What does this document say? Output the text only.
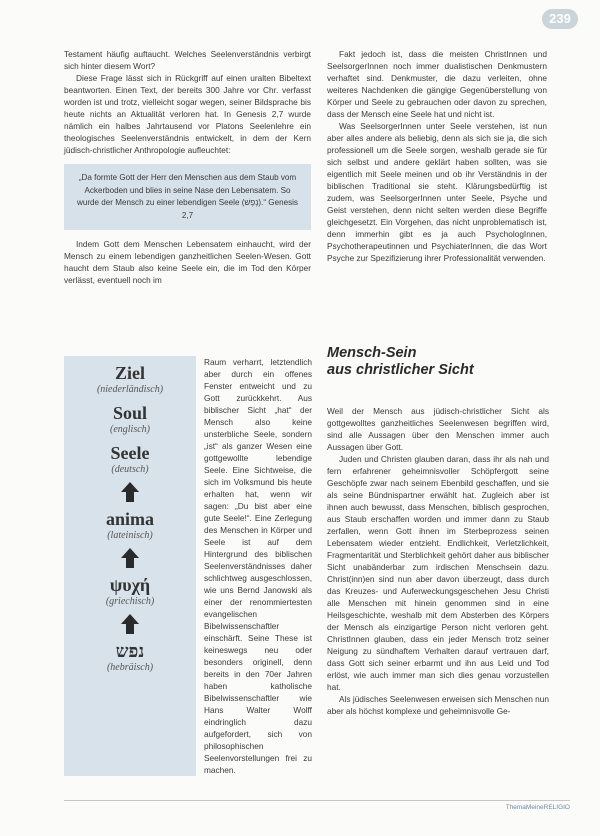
239

Testament häufig auftaucht. Welches Seelenverständnis verbirgt sich hinter diesem Wort?

Diese Frage lässt sich in Rückgriff auf einen uralten Bibeltext beantworten. Einen Text, der bereits 300 Jahre vor Chr. verfasst worden ist und trotz, vielleicht sogar wegen, seiner Bildsprache bis heute nichts an Aktualität verloren hat. In Genesis 2,7 wurde nämlich ein halbes Jahrtausend vor Platons Seelenlehre ein theologisches Seelenverständnis entwickelt, in dem der Kern jüdisch-christlicher Anthropologie aufleuchtet:

„Da formte Gott der Herr den Menschen aus dem Staub vom Ackerboden und blies in seine Nase den Lebensatem. So wurde der Mensch zu einer lebendigen Seele (נֶפֶשׁ).“ Genesis 2,7

Indem Gott dem Menschen Lebensatem einhaucht, wird der Mensch zu einem lebendigen ganzheitlichen Seelen-Wesen. Gott haucht dem Staub also keine Seele ein, die im Tod den Körper verlässt, eventuell noch im

Ziel
(niederländisch)
Soul
(englisch)
Seele
(deutsch)
anima
(lateinisch)
ψυχή
(griechisch)
נפש
(hebräisch)

Raum verharrt, letztendlich aber durch ein offenes Fenster entweicht und zu Gott zurückkehrt. Aus biblischer Sicht „hat“ der Mensch also keine unsterbliche Seele, sondern „ist“ als ganzer Wesen eine gottgewollte lebendige Seele. Eine Sichtweise, die sich im Volksmund bis heute erhalten hat, wenn wir sagen: „Du bist aber eine gute Seele!“. Eine Zerlegung des Menschen in Körper und Seele ist auf dem Hintergrund des biblischen Seelenverständnisses daher schlichtweg ausgeschlossen, wie uns Bernd Janowski als einer der renommiertesten evangelischen Bibelwissenschaftler einschärft. Seine These ist keineswegs neu oder besonders originell, denn bereits in den 70er Jahren haben katholische Bibelwissenschaftler wie Hans Walter Wolff eindringlich dazu aufgefordert, sich von philosophischen Seelenvorstellungen frei zu machen.

Fakt jedoch ist, dass die meisten ChristInnen und SeelsorgerInnen noch immer dualistischen Denkmustern verhaftet sind. Denkmuster, die dazu verleiten, ohne weiteres Nachdenken die gängige Gegenüberstellung von Körper und Seele zu gebrauchen oder davon zu sprechen, dass der Mensch eine Seele hat und nicht ist.

Was SeelsorgerInnen unter Seele verstehen, ist nun aber alles andere als beliebig, denn als sich sie ja, die sich professionell um die Seele sorgen, weshalb gerade sie für sich selbst und andere geklärt haben sollten, was sie eigentlich mit Seele meinen und ob ihr Verständnis in der biblischen Traditional sie steht. Klärungsbedürftig ist zudem, was SeelsorgerInnen unter Seele, Psyche und Geist verstehen, denn nicht selten werden diese Begriffe gleichgesetzt. Ein Vorgehen, das nicht unproblematisch ist, denn immerhin gibt es ja auch PsychologInnen, Psychotherapeutinnen und PsychiaterInnen, die das Wort Psyche zur Spezifizierung ihrer Professionalität verwenden.

Mensch-Sein
aus christlicher Sicht

Weil der Mensch aus jüdisch-christlicher Sicht als gottgewolltes ganzheitliches Seelenwesen begriffen wird, sind alle Aussagen über den Menschen immer auch Aussagen über Gott.

Juden und Christen glauben daran, dass ihr als nah und fern erfahrener geheimnisvoller Schöpfergott seine Geschöpfe zwar nach seinem Ebenbild geschaffen, und sie als seine Bündnispartner erwählt hat. Zugleich aber ist ihnen auch bewusst, dass Menschen, biblisch gesprochen, aus Staub erschaffen worden und immer dann zu Staub zerfallen, wenn Gott ihnen im Sterbeprozess seinen Lebensatem wieder entzieht. Endlichkeit, Verletzlichkeit, Fragmentarität und Sterblichkeit gehört daher aus biblischer Sicht unabänderbar zum irdischen Menschsein dazu. Christ(inn)en sind nun aber davon überzeugt, dass durch das Kreuzes- und Auferweckungsgeschehen Jesu Christi alle Menschen mit hinein genommen sind in eine Heilsgeschichte, weshalb mit dem Absterben des Körpers der Mensch als einzigartige Person nicht verloren geht. ChristInnen glauben, dass ein jeder Mensch trotz seiner Neigung zu sündhaftem Verhalten darauf vertrauen darf, dass Gott sich seiner erbarmt und ihn aus Leid und Tod erlöst, wie auch immer man sich dies genau vorzustellen hat.

Als jüdisches Seelenwesen erweisen sich Menschen nun aber als höchst komplexe und geheimnisvolle Ge-

ThemaMeineRELIGIO
